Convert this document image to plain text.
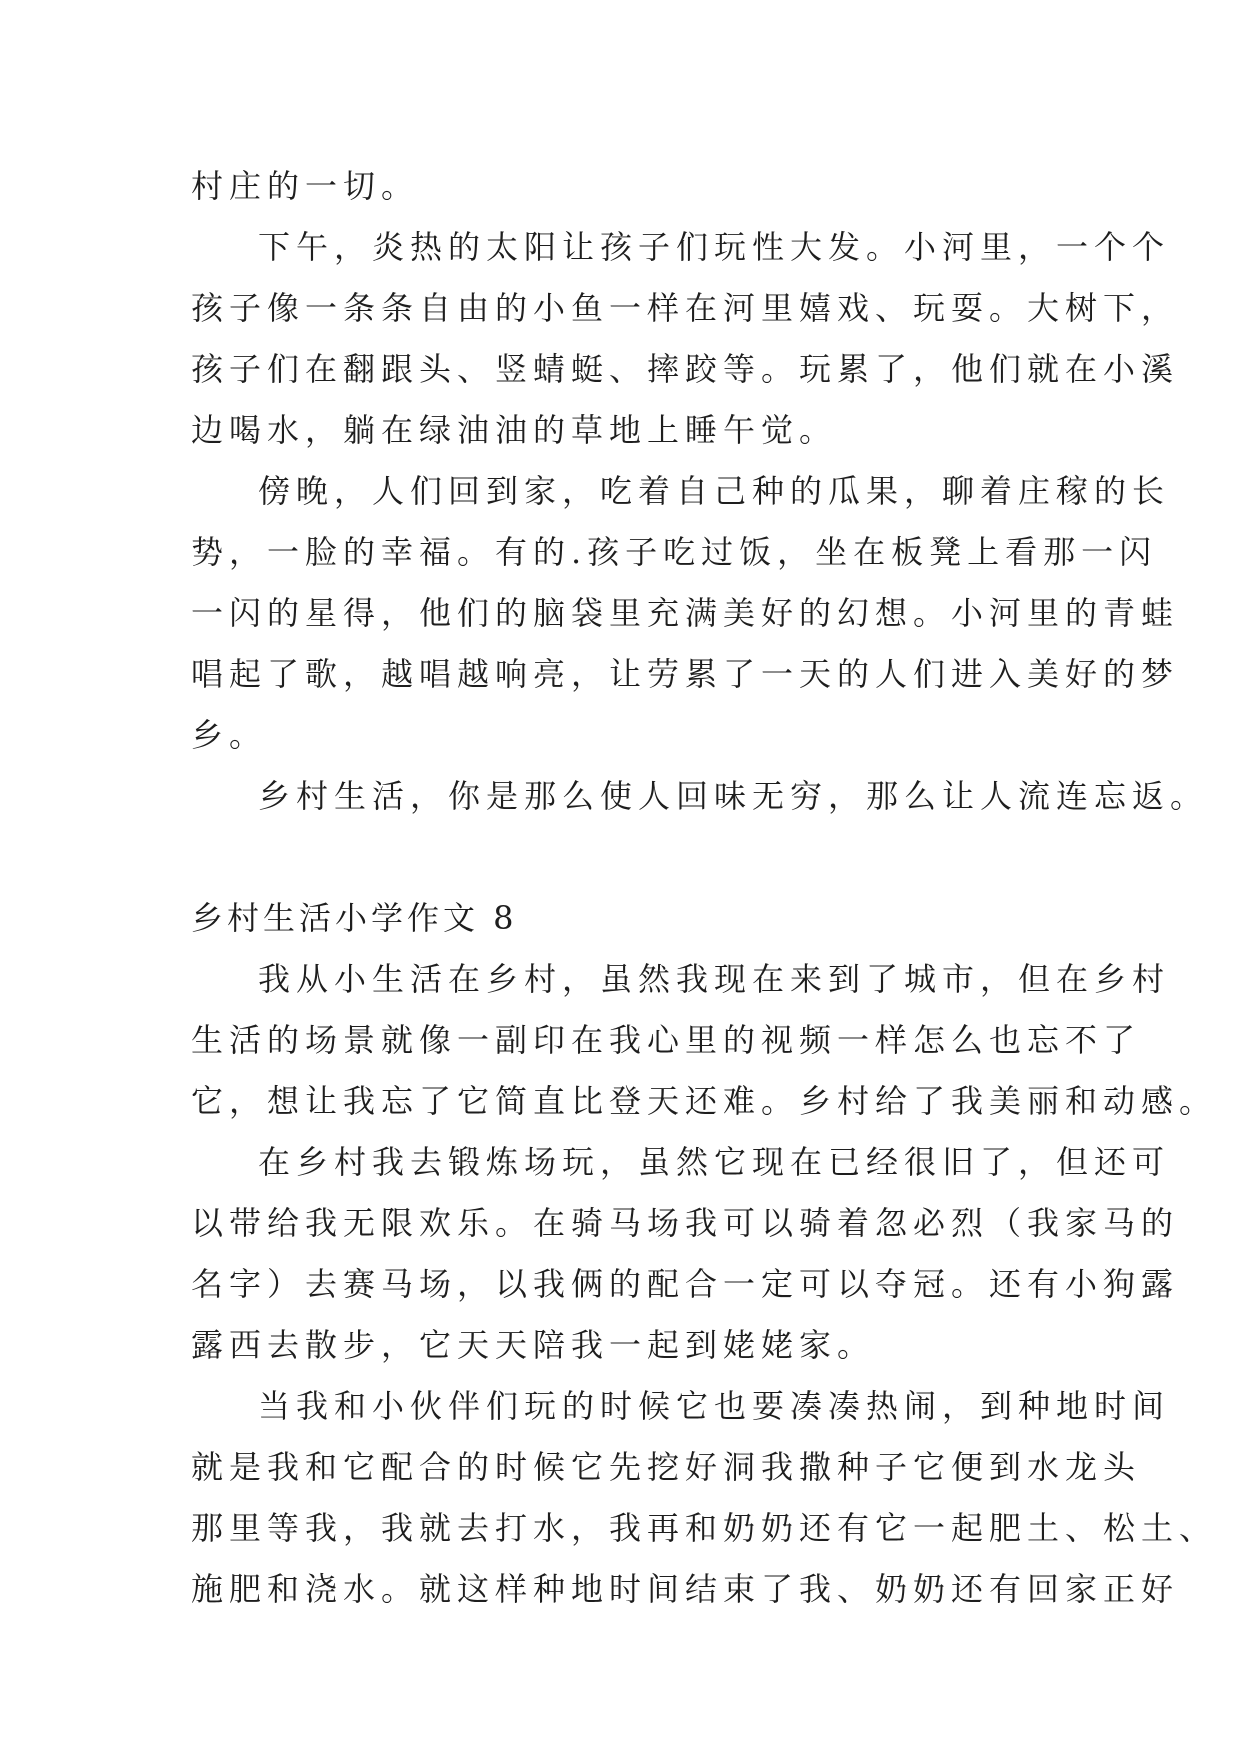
村庄的一切。
下午，炎热的太阳让孩子们玩性大发。小河里，一个个
孩子像一条条自由的小鱼一样在河里嬉戏、玩耍。大树下，
孩子们在翻跟头、竖蜻蜓、摔跤等。玩累了，他们就在小溪
边喝水，躺在绿油油的草地上睡午觉。
傍晚，人们回到家，吃着自己种的瓜果，聊着庄稼的长
势，一脸的幸福。有的.孩子吃过饭，坐在板凳上看那一闪
一闪的星得，他们的脑袋里充满美好的幻想。小河里的青蛙
唱起了歌，越唱越响亮，让劳累了一天的人们进入美好的梦
乡。
乡村生活，你是那么使人回味无穷，那么让人流连忘返。
乡村生活小学作文 8
我从小生活在乡村，虽然我现在来到了城市，但在乡村
生活的场景就像一副印在我心里的视频一样怎么也忘不了
它，想让我忘了它简直比登天还难。乡村给了我美丽和动感。
在乡村我去锻炼场玩，虽然它现在已经很旧了，但还可
以带给我无限欢乐。在骑马场我可以骑着忽必烈（我家马的
名字）去赛马场，以我俩的配合一定可以夺冠。还有小狗露
露西去散步，它天天陪我一起到姥姥家。
当我和小伙伴们玩的时候它也要凑凑热闹，到种地时间
就是我和它配合的时候它先挖好洞我撒种子它便到水龙头
那里等我，我就去打水，我再和奶奶还有它一起肥土、松土、
施肥和浇水。就这样种地时间结束了我、奶奶还有回家正好
